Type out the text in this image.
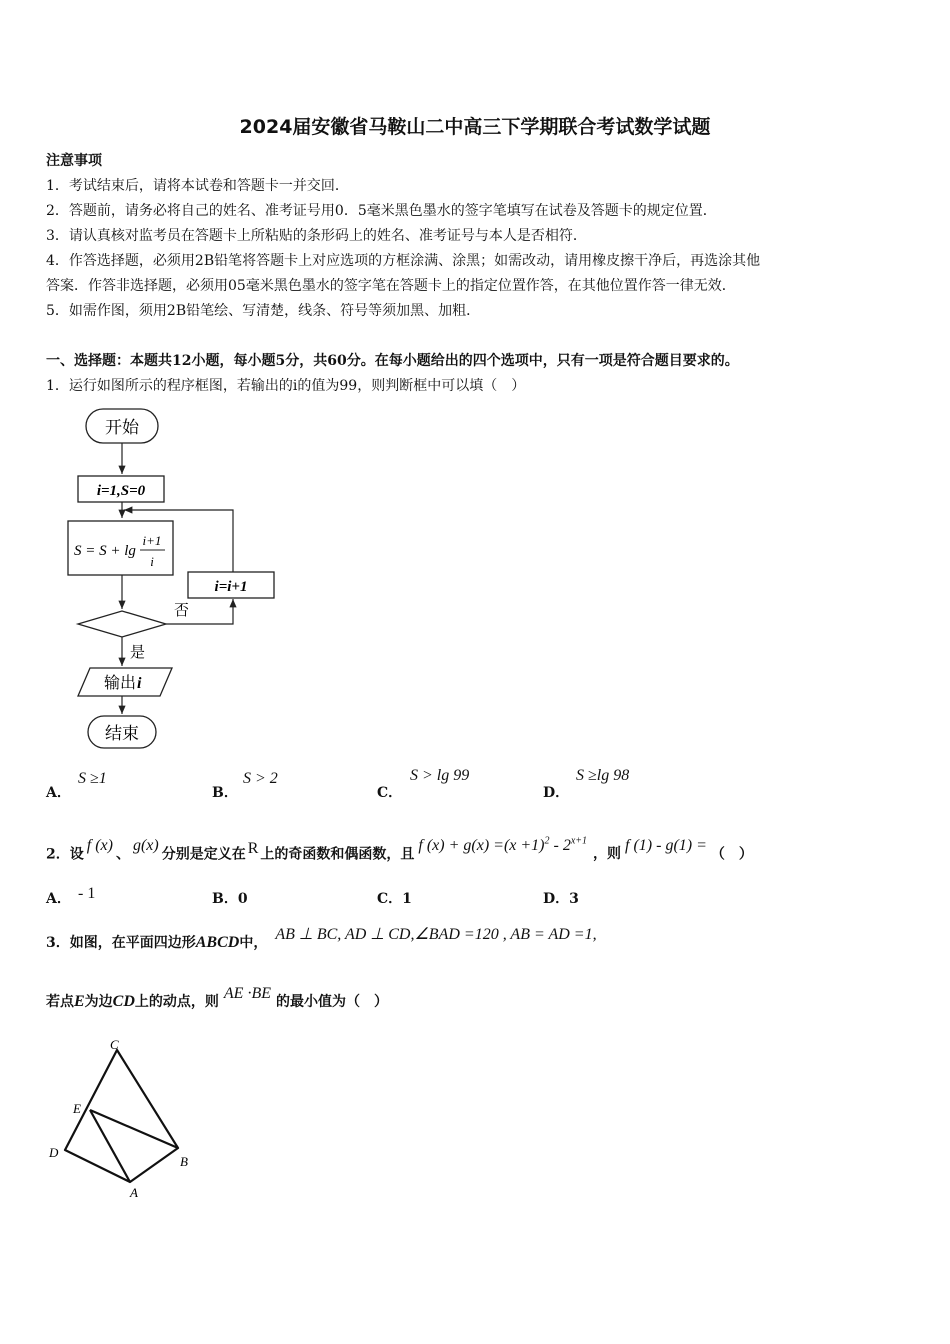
2024届安徽省马鞍山二中高三下学期联合考试数学试题
注意事项
1．考试结束后，请将本试卷和答题卡一并交回．
2．答题前，请务必将自己的姓名、准考证号用0．5毫米黑色墨水的签字笔填写在试卷及答题卡的规定位置．
3．请认真核对监考员在答题卡上所粘贴的条形码上的姓名、准考证号与本人是否相符．
4．作答选择题，必须用2B铅笔将答题卡上对应选项的方框涂满、涂黑；如需改动，请用橡皮擦干净后，再选涂其他
答案．作答非选择题，必须用05毫米黑色墨水的签字笔在答题卡上的指定位置作答，在其他位置作答一律无效．
5．如需作图，须用2B铅笔绘、写清楚，线条、符号等须加黑、加粗．
一、选择题：本题共12小题，每小题5分，共60分。在每小题给出的四个选项中，只有一项是符合题目要求的。
1．运行如图所示的程序框图，若输出的i的值为99，则判断框中可以填（　）
开始
i=1,S=0
S = S + lg
i+1
i
否
i=i+1
是
输出 i
结束
A．
S ≥1
B．
S > 2
C．
S > lg 99
D．
S ≥lg 98
2．设 f (x) 、 g(x) 分别是定义在 R 上的奇函数和偶函数，且 f $(x) + g(x) =(x +1)^2 - 2^{x+1}$，则 f (1) - g(1) = （　）
A． - 1	B．0	C．1	D．3
3．如图，在平面四边形ABCD中， AB ⊥ BC, AD ⊥ CD,∠BAD =120 , AB = AD =1,
若点E为边CD上的动点，则 AE ·BE 的最小值为（　）
C
E
D
B
A
